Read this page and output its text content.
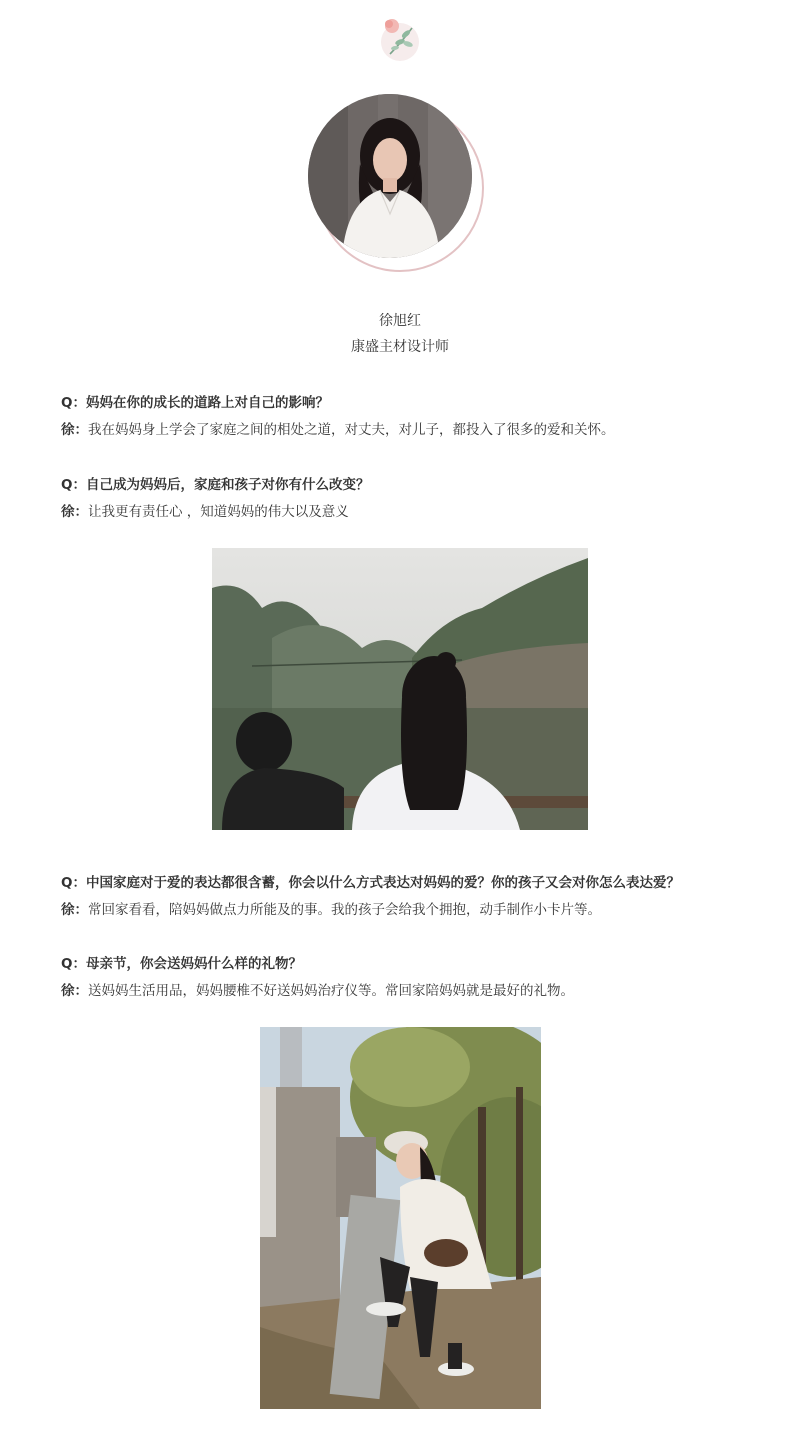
徐旭红
康盛主材设计师
Q：妈妈在你的成长的道路上对自己的影响？
徐：我在妈妈身上学会了家庭之间的相处之道，对丈夫，对儿子，都投入了很多的爱和关怀。
Q：自己成为妈妈后，家庭和孩子对你有什么改变？
徐：让我更有责任心 ，知道妈妈的伟大以及意义
Q：中国家庭对于爱的表达都很含蓄，你会以什么方式表达对妈妈的爱？你的孩子又会对你怎么表达爱？
徐：常回家看看，陪妈妈做点力所能及的事。我的孩子会给我个拥抱，动手制作小卡片等。
Q：母亲节，你会送妈妈什么样的礼物？
徐：送妈妈生活用品，妈妈腰椎不好送妈妈治疗仪等。常回家陪妈妈就是最好的礼物。
